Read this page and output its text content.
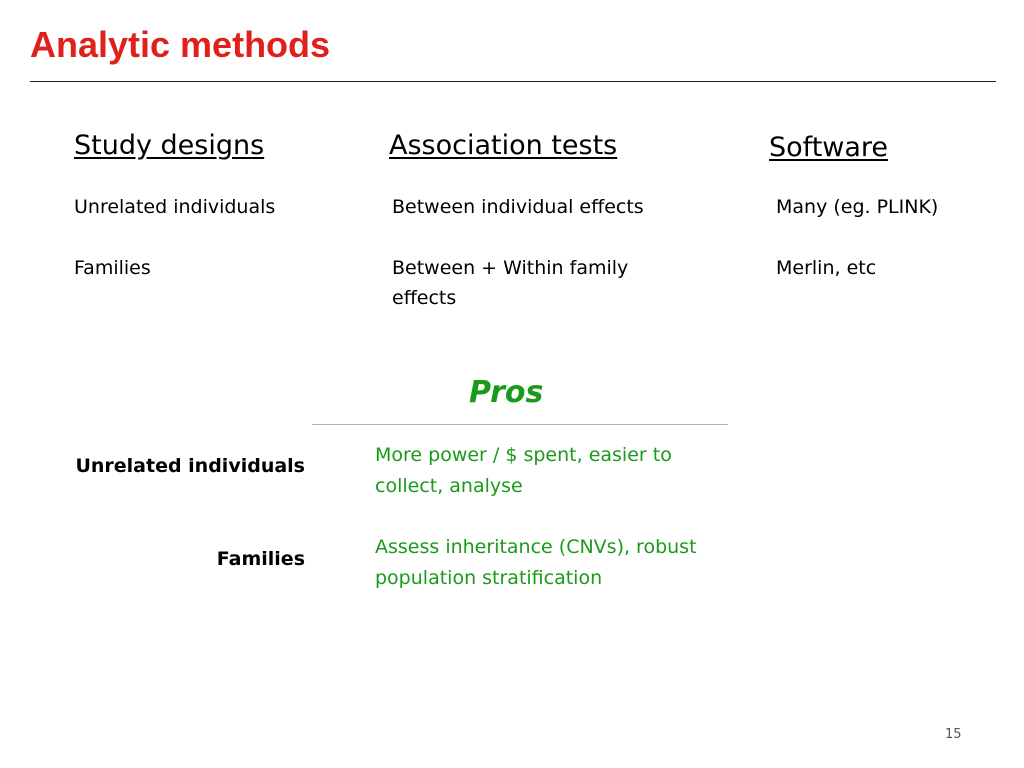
Analytic methods
Study designs
Unrelated individuals
Families
Association tests
Between individual effects
Between + Within family effects
Software
Many (eg. PLINK)
Merlin, etc
Pros
Unrelated individuals	More power / $ spent, easier to collect, analyse
Families
Assess inheritance (CNVs), robust population stratification
15
